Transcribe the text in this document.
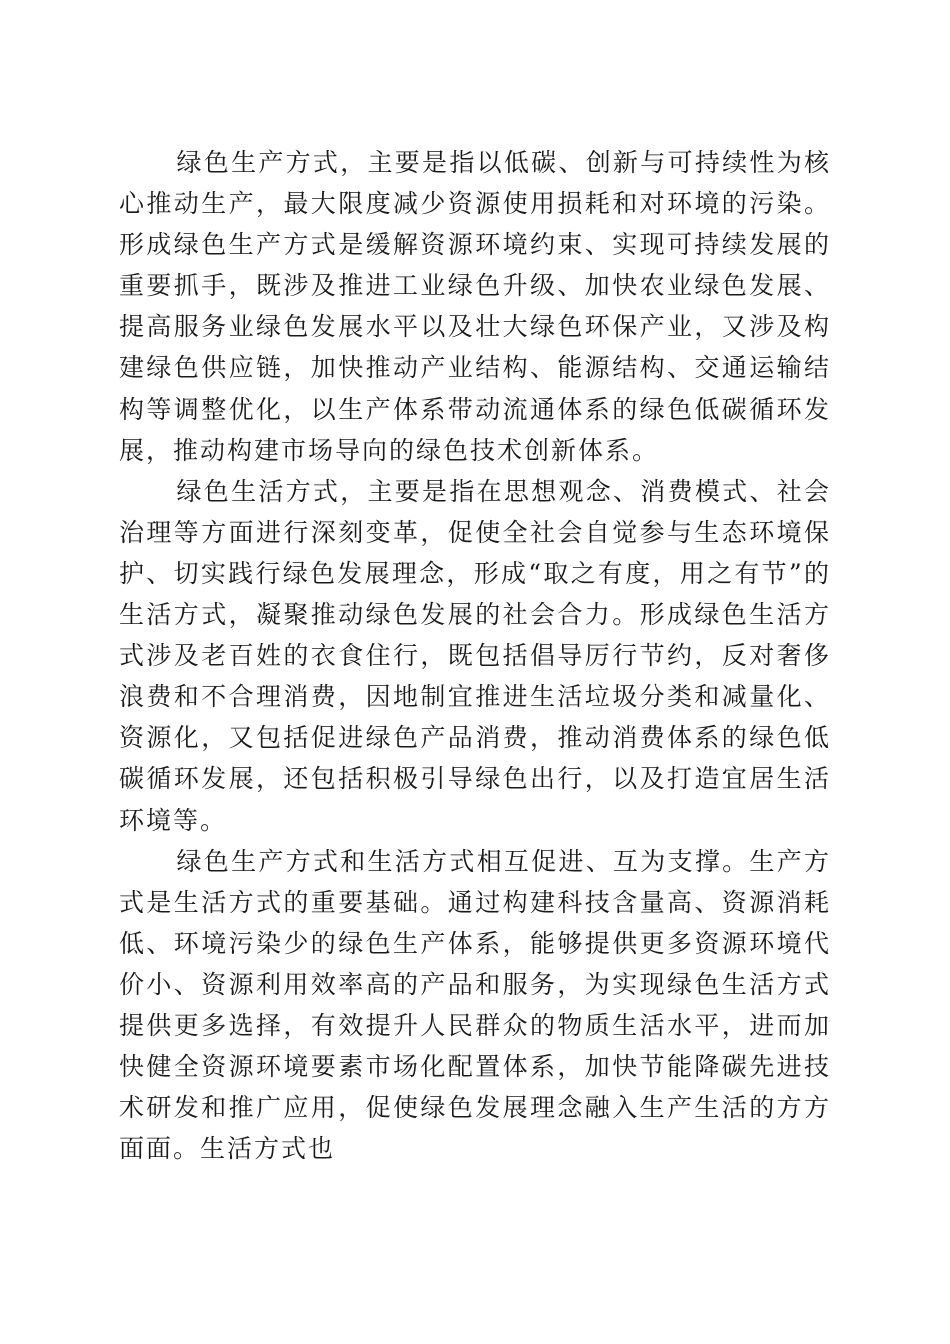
绿色生产方式，主要是指以低碳、创新与可持续性为核心推动生产，最大限度减少资源使用损耗和对环境的污染。形成绿色生产方式是缓解资源环境约束、实现可持续发展的重要抓手，既涉及推进工业绿色升级、加快农业绿色发展、提高服务业绿色发展水平以及壮大绿色环保产业，又涉及构建绿色供应链，加快推动产业结构、能源结构、交通运输结构等调整优化，以生产体系带动流通体系的绿色低碳循环发展，推动构建市场导向的绿色技术创新体系。

绿色生活方式，主要是指在思想观念、消费模式、社会治理等方面进行深刻变革，促使全社会自觉参与生态环境保护、切实践行绿色发展理念，形成“取之有度，用之有节”的生活方式，凝聚推动绿色发展的社会合力。形成绿色生活方式涉及老百姓的衣食住行，既包括倡导厉行节约，反对奢侈浪费和不合理消费，因地制宜推进生活垃圾分类和减量化、资源化，又包括促进绿色产品消费，推动消费体系的绿色低碳循环发展，还包括积极引导绿色出行，以及打造宜居生活环境等。

绿色生产方式和生活方式相互促进、互为支撑。生产方式是生活方式的重要基础。通过构建科技含量高、资源消耗低、环境污染少的绿色生产体系，能够提供更多资源环境代价小、资源利用效率高的产品和服务，为实现绿色生活方式提供更多选择，有效提升人民群众的物质生活水平，进而加快健全资源环境要素市场化配置体系，加快节能降碳先进技术研发和推广应用，促使绿色发展理念融入生产生活的方方面面。生活方式也
